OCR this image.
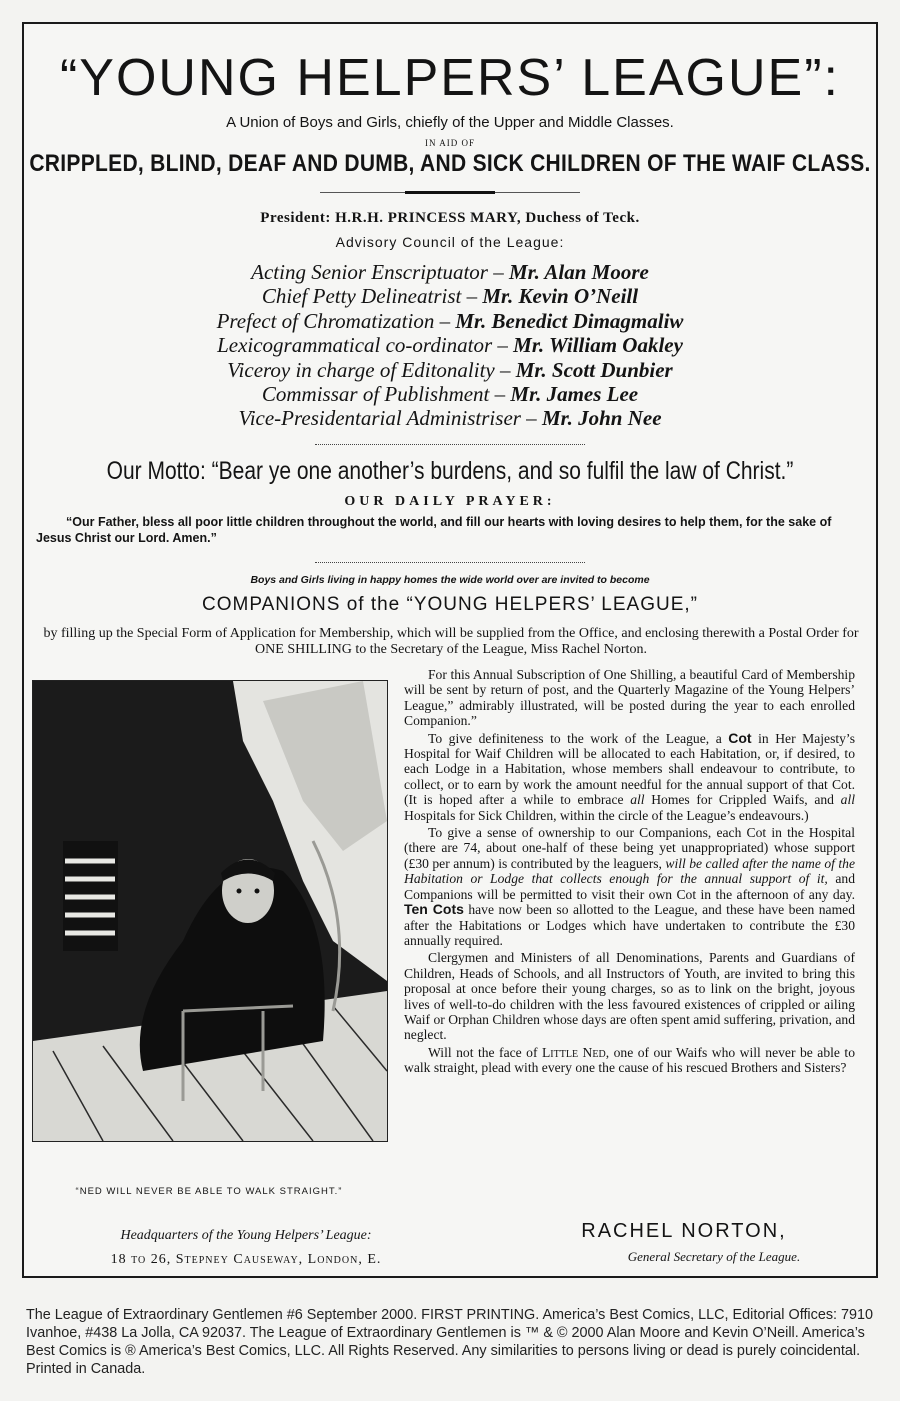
“YOUNG HELPERS’ LEAGUE”:
A Union of Boys and Girls, chiefly of the Upper and Middle Classes.
IN AID OF
CRIPPLED, BLIND, DEAF AND DUMB, AND SICK CHILDREN OF THE WAIF CLASS.
President: H.R.H. PRINCESS MARY, Duchess of Teck.
Advisory Council of the League:
Acting Senior Enscriptuator – Mr. Alan Moore
Chief Petty Delineatrist – Mr. Kevin O’Neill
Prefect of Chromatization – Mr. Benedict Dimagmaliw
Lexicogrammatical co-ordinator – Mr. William Oakley
Viceroy in charge of Editonality – Mr. Scott Dunbier
Commissar of Publishment – Mr. James Lee
Vice-Presidentarial Administriser – Mr. John Nee
Our Motto: “Bear ye one another’s burdens, and so fulfil the law of Christ.”
OUR DAILY PRAYER:
“Our Father, bless all poor little children throughout the world, and fill our hearts with loving desires to help them, for the sake of Jesus Christ our Lord. Amen.”
Boys and Girls living in happy homes the wide world over are invited to become
COMPANIONS of the “YOUNG HELPERS’ LEAGUE,”
by filling up the Special Form of Application for Membership, which will be supplied from the Office, and enclosing therewith a Postal Order for ONE SHILLING to the Secretary of the League, Miss Rachel Norton.
“NED WILL NEVER BE ABLE TO WALK STRAIGHT.”

For this Annual Subscription of One Shilling, a beautiful Card of Membership will be sent by return of post, and the Quarterly Magazine of the Young Helpers’ League,” admirably illustrated, will be posted during the year to each enrolled Companion.”

To give definiteness to the work of the League, a Cot in Her Majesty’s Hospital for Waif Children will be allocated to each Habitation, or, if desired, to each Lodge in a Habitation, whose members shall endeavour to contribute, to collect, or to earn by work the amount needful for the annual support of that Cot. (It is hoped after a while to embrace all Homes for Crippled Waifs, and all Hospitals for Sick Children, within the circle of the League’s endeavours.)

To give a sense of ownership to our Companions, each Cot in the Hospital (there are 74, about one-half of these being yet unappropriated) whose support (£30 per annum) is contributed by the leaguers, will be called after the name of the Habitation or Lodge that collects enough for the annual support of it, and Companions will be permitted to visit their own Cot in the afternoon of any day. Ten Cots have now been so allotted to the League, and these have been named after the Habitations or Lodges which have undertaken to contribute the £30 annually required.

Clergymen and Ministers of all Denominations, Parents and Guardians of Children, Heads of Schools, and all Instructors of Youth, are invited to bring this proposal at once before their young charges, so as to link on the bright, joyous lives of well-to-do children with the less favoured existences of crippled or ailing Waif or Orphan Children whose days are often spent amid suffering, privation, and neglect.

Will not the face of Little Ned, one of our Waifs who will never be able to walk straight, plead with every one the cause of his rescued Brothers and Sisters?

Headquarters of the Young Helpers’ League:
18 to 26, Stepney Causeway, London, E.
RACHEL NORTON,
General Secretary of the League.
The League of Extraordinary Gentlemen #6 September 2000. FIRST PRINTING. America’s Best Comics, LLC, Editorial Offices: 7910 Ivanhoe, #438 La Jolla, CA 92037. The League of Extraordinary Gentlemen is ™ & © 2000 Alan Moore and Kevin O’Neill. America’s Best Comics is ® America’s Best Comics, LLC. All Rights Reserved. Any similarities to persons living or dead is purely coincidental. Printed in Canada.
